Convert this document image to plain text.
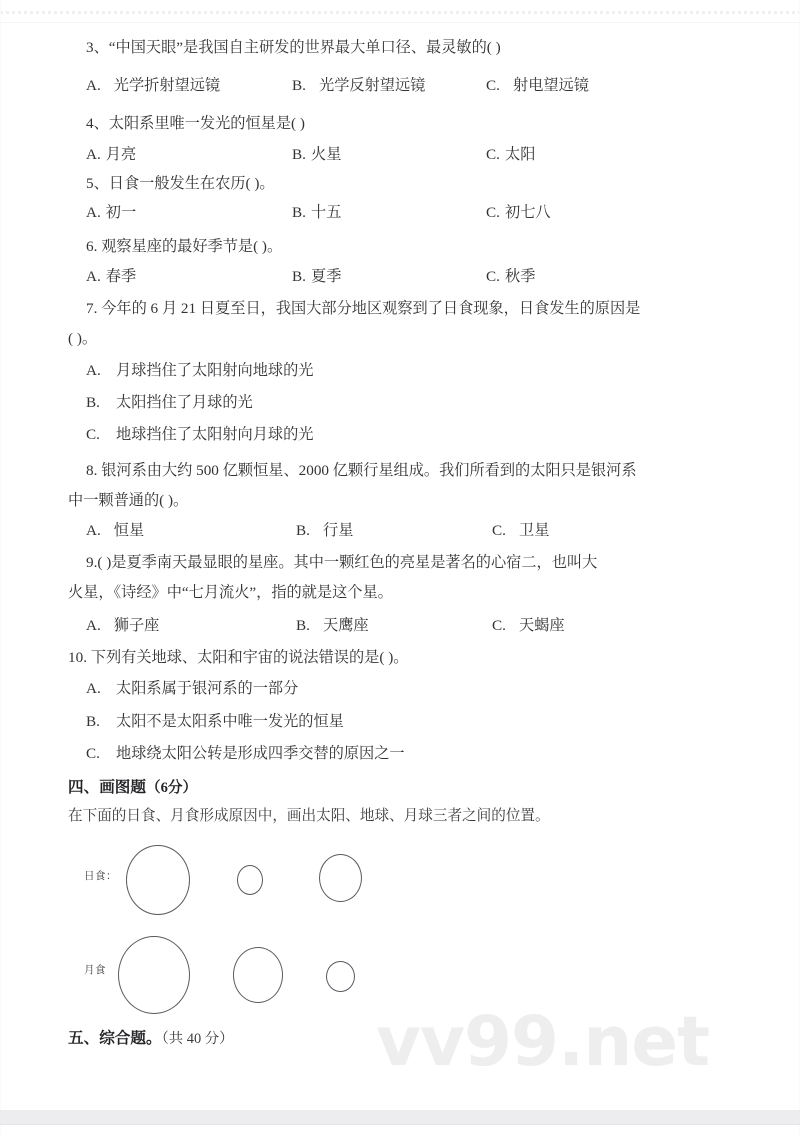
vv99.net
3、“中国天眼”是我国自主研发的世界最大单口径、最灵敏的( )
A. 光学折射望远镜	B. 光学反射望远镜	C. 射电望远镜
4、太阳系里唯一发光的恒星是( )
A. 月亮	B. 火星	C. 太阳
5、日食一般发生在农历( )。
A. 初一	B. 十五	C. 初七八
6. 观察星座的最好季节是( )。
A. 春季	B. 夏季	C. 秋季
7. 今年的 6 月 21 日夏至日，我国大部分地区观察到了日食现象，日食发生的原因是
( )。
A. 月球挡住了太阳射向地球的光
B. 太阳挡住了月球的光
C. 地球挡住了太阳射向月球的光
8. 银河系由大约 500 亿颗恒星、2000 亿颗行星组成。我们所看到的太阳只是银河系
中一颗普通的( )。
A. 恒星	B. 行星	C. 卫星
9.( )是夏季南天最显眼的星座。其中一颗红色的亮星是著名的心宿二，也叫大
火星，《诗经》中“七月流火”，指的就是这个星。
A. 狮子座	B. 天鹰座	C. 天蝎座
10. 下列有关地球、太阳和宇宙的说法错误的是( )。
A. 太阳系属于银河系的一部分
B. 太阳不是太阳系中唯一发光的恒星
C. 地球绕太阳公转是形成四季交替的原因之一
四、画图题（6分）
在下面的日食、月食形成原因中，画出太阳、地球、月球三者之间的位置。
五、综合题。（共 40 分）
日食：
月食
